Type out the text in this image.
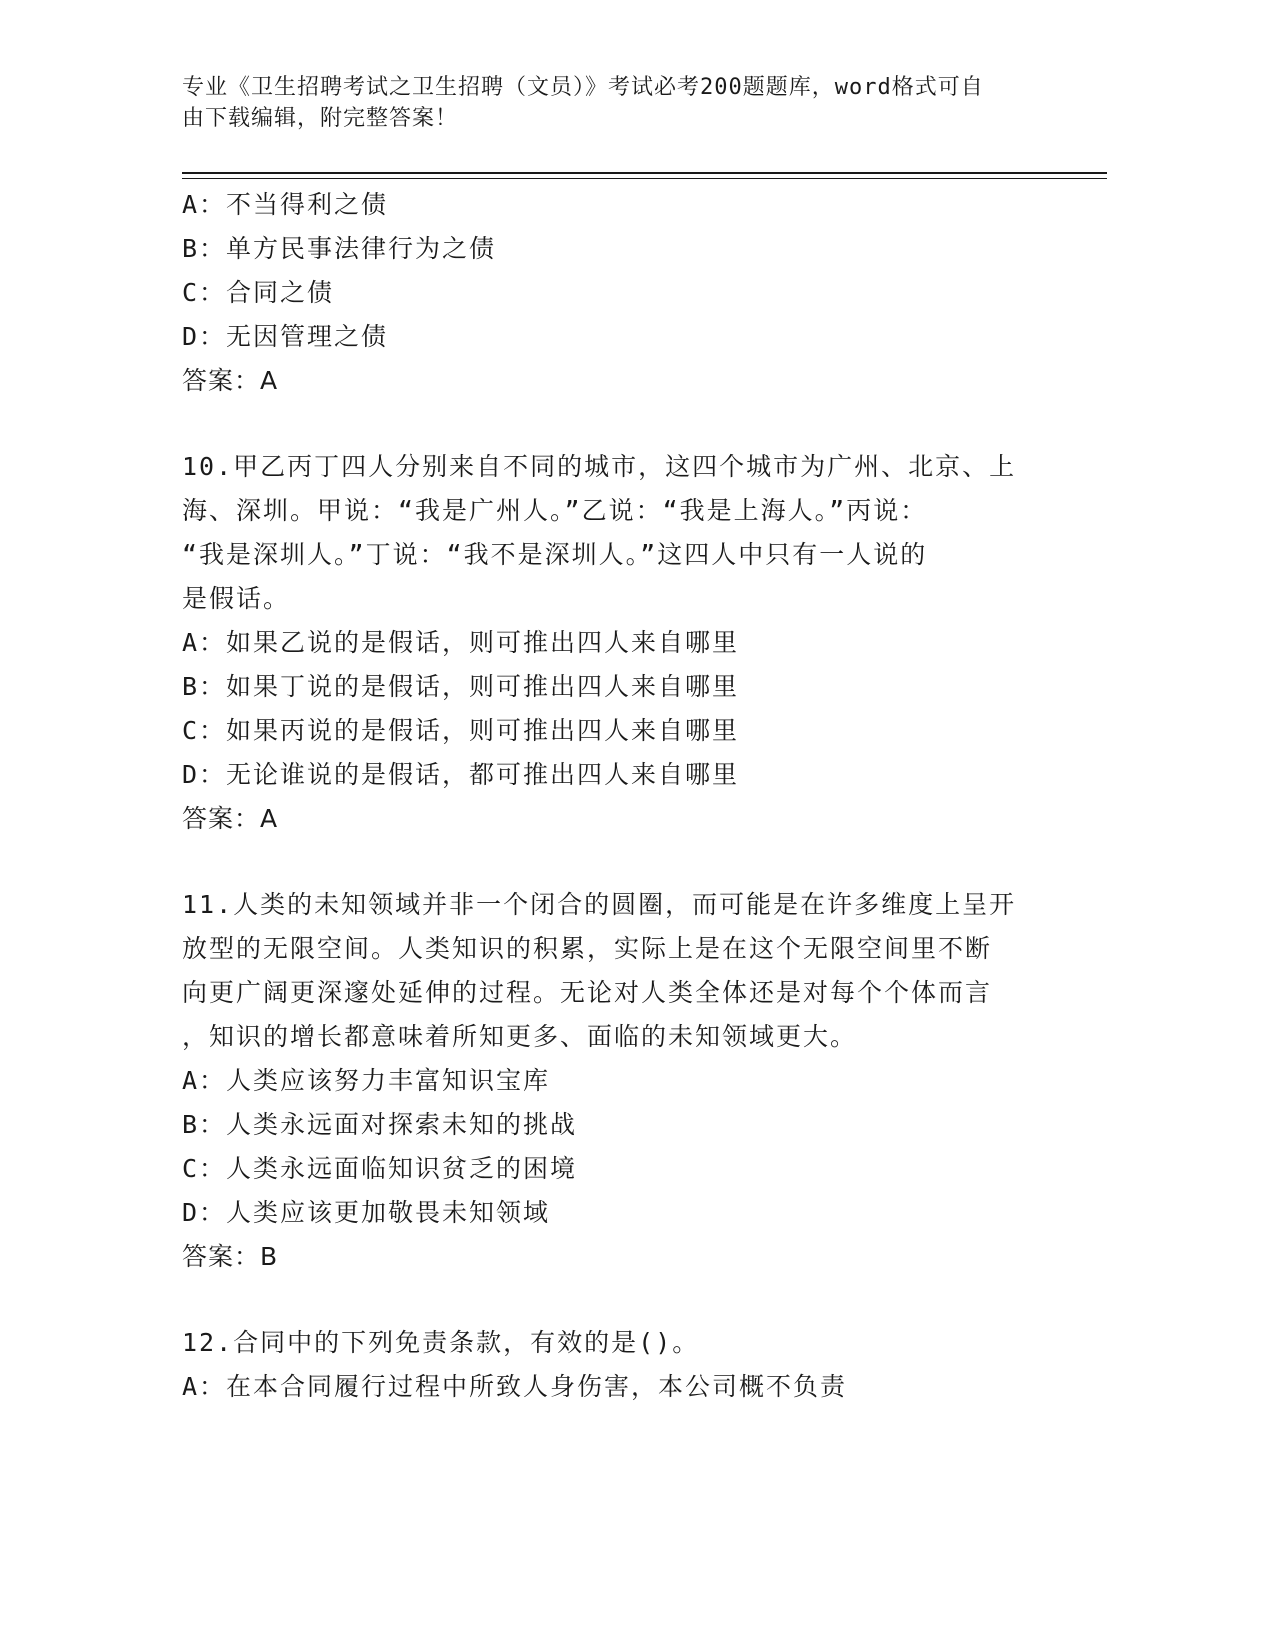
专业《卫生招聘考试之卫生招聘（文员）》考试必考200题题库，word格式可自
由下载编辑，附完整答案！
A：不当得利之债
B：单方民事法律行为之债
C：合同之债
D：无因管理之债
答案：A
10.甲乙丙丁四人分别来自不同的城市，这四个城市为广州、北京、上
海、深圳。甲说：“我是广州人。”乙说：“我是上海人。”丙说：
“我是深圳人。”丁说：“我不是深圳人。”这四人中只有一人说的
是假话。
A：如果乙说的是假话，则可推出四人来自哪里
B：如果丁说的是假话，则可推出四人来自哪里
C：如果丙说的是假话，则可推出四人来自哪里
D：无论谁说的是假话，都可推出四人来自哪里
答案：A
11.人类的未知领域并非一个闭合的圆圈，而可能是在许多维度上呈开
放型的无限空间。人类知识的积累，实际上是在这个无限空间里不断
向更广阔更深邃处延伸的过程。无论对人类全体还是对每个个体而言
，知识的增长都意味着所知更多、面临的未知领域更大。
A：人类应该努力丰富知识宝库
B：人类永远面对探索未知的挑战
C：人类永远面临知识贫乏的困境
D：人类应该更加敬畏未知领域
答案：B
12.合同中的下列免责条款，有效的是()。
A：在本合同履行过程中所致人身伤害，本公司概不负责
